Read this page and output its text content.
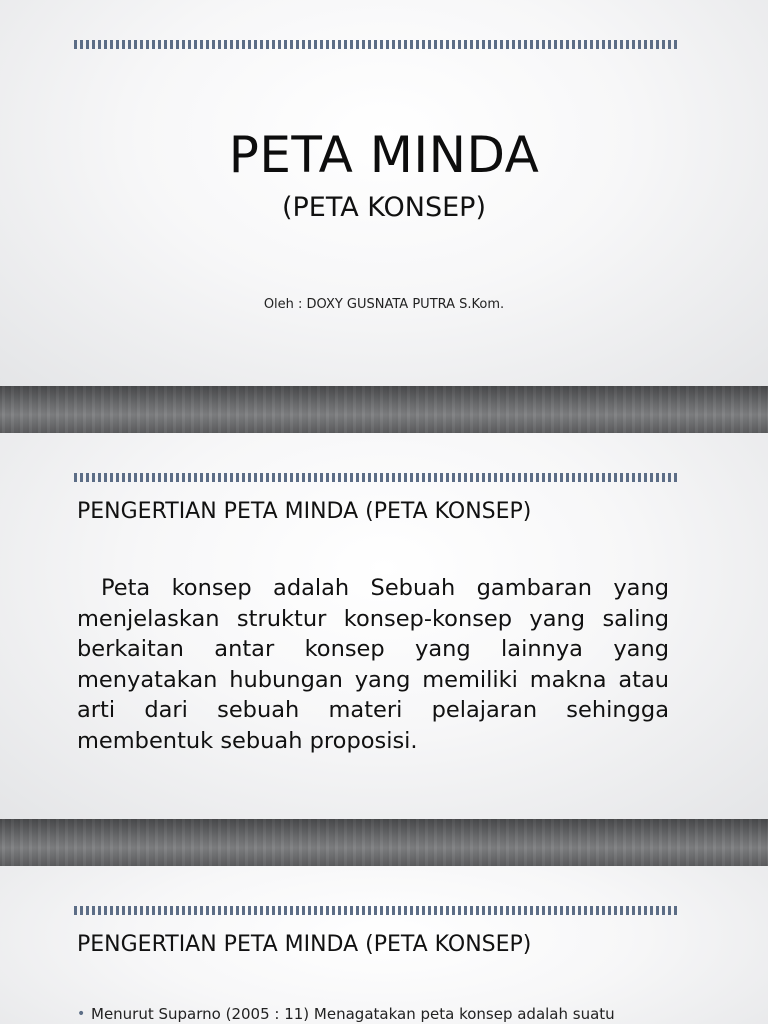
PETA MINDA
(PETA KONSEP)
Oleh : DOXY GUSNATA PUTRA S.Kom.
PENGERTIAN PETA MINDA (PETA KONSEP)
Peta konsep adalah Sebuah gambaran yang menjelaskan struktur konsep-konsep yang saling berkaitan antar konsep yang lainnya yang menyatakan hubungan yang memiliki makna atau arti dari sebuah materi pelajaran sehingga membentuk sebuah proposisi.
PENGERTIAN PETA MINDA (PETA KONSEP)
• Menurut Suparno (2005 : 11) Menagatakan peta konsep adalah suatu
